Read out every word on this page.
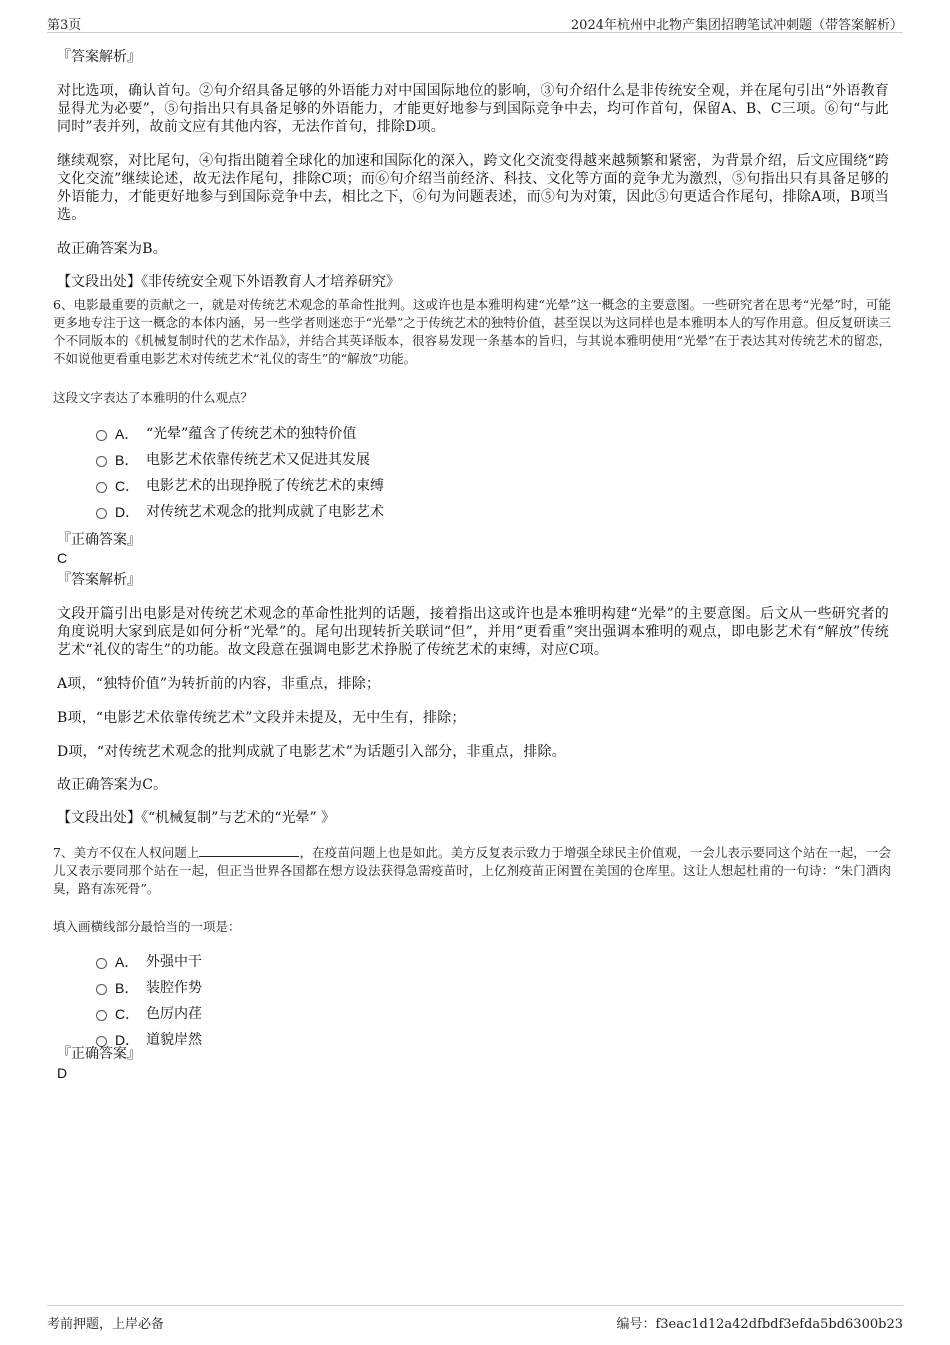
第3页	2024年杭州中北物产集团招聘笔试冲刺题（带答案解析）
『答案解析』
对比选项，确认首句。②句介绍具备足够的外语能力对中国国际地位的影响，③句介绍什么是非传统安全观，并在尾句引出“外语教育显得尤为必要”，⑤句指出只有具备足够的外语能力，才能更好地参与到国际竞争中去，均可作首句，保留A、B、C三项。⑥句“与此同时”表并列，故前文应有其他内容，无法作首句，排除D项。
继续观察，对比尾句，④句指出随着全球化的加速和国际化的深入，跨文化交流变得越来越频繁和紧密，为背景介绍，后文应围绕“跨文化交流”继续论述，故无法作尾句，排除C项；而⑥句介绍当前经济、科技、文化等方面的竞争尤为激烈，⑤句指出只有具备足够的外语能力，才能更好地参与到国际竞争中去，相比之下，⑥句为问题表述，而⑤句为对策，因此⑤句更适合作尾句，排除A项，B项当选。
故正确答案为B。
【文段出处】《非传统安全观下外语教育人才培养研究》
6、电影最重要的贡献之一，就是对传统艺术观念的革命性批判。这或许也是本雅明构建“光晕”这一概念的主要意图。一些研究者在思考“光晕”时，可能更多地专注于这一概念的本体内涵，另一些学者则迷恋于“光晕”之于传统艺术的独特价值，甚至误以为这同样也是本雅明本人的写作用意。但反复研读三个不同版本的《机械复制时代的艺术作品》，并结合其英译版本，很容易发现一条基本的旨归，与其说本雅明使用“光晕”在于表达其对传统艺术的留恋，不如说他更看重电影艺术对传统艺术“礼仪的寄生”的“解放”功能。
这段文字表达了本雅明的什么观点？
A． “光晕”蕴含了传统艺术的独特价值
B． 电影艺术依靠传统艺术又促进其发展
C． 电影艺术的出现挣脱了传统艺术的束缚
D． 对传统艺术观念的批判成就了电影艺术
『正确答案』
C
『答案解析』
文段开篇引出电影是对传统艺术观念的革命性批判的话题，接着指出这或许也是本雅明构建“光晕”的主要意图。后文从一些研究者的角度说明大家到底是如何分析“光晕”的。尾句出现转折关联词“但”，并用“更看重”突出强调本雅明的观点，即电影艺术有“解放”传统艺术“礼仪的寄生”的功能。故文段意在强调电影艺术挣脱了传统艺术的束缚，对应C项。
A项，“独特价值”为转折前的内容，非重点，排除；
B项，“电影艺术依靠传统艺术”文段并未提及，无中生有，排除；
D项，“对传统艺术观念的批判成就了电影艺术”为话题引入部分，非重点，排除。
故正确答案为C。
【文段出处】《“机械复制”与艺术的“光晕” 》
7、美方不仅在人权问题上	，在疫苗问题上也是如此。美方反复表示致力于增强全球民主价值观，一会儿表示要同这个站在一起，一会儿又表示要同那个站在一起，但正当世界各国都在想方设法获得急需疫苗时，上亿剂疫苗正闲置在美国的仓库里。这让人想起杜甫的一句诗：“朱门酒肉臭，路有冻死骨”。
填入画横线部分最恰当的一项是：
A． 外强中干
B． 装腔作势
C． 色厉内荏
D． 道貌岸然
『正确答案』
D
考前押题，上岸必备	编号：f3eac1d12a42dfbdf3efda5bd6300b23
